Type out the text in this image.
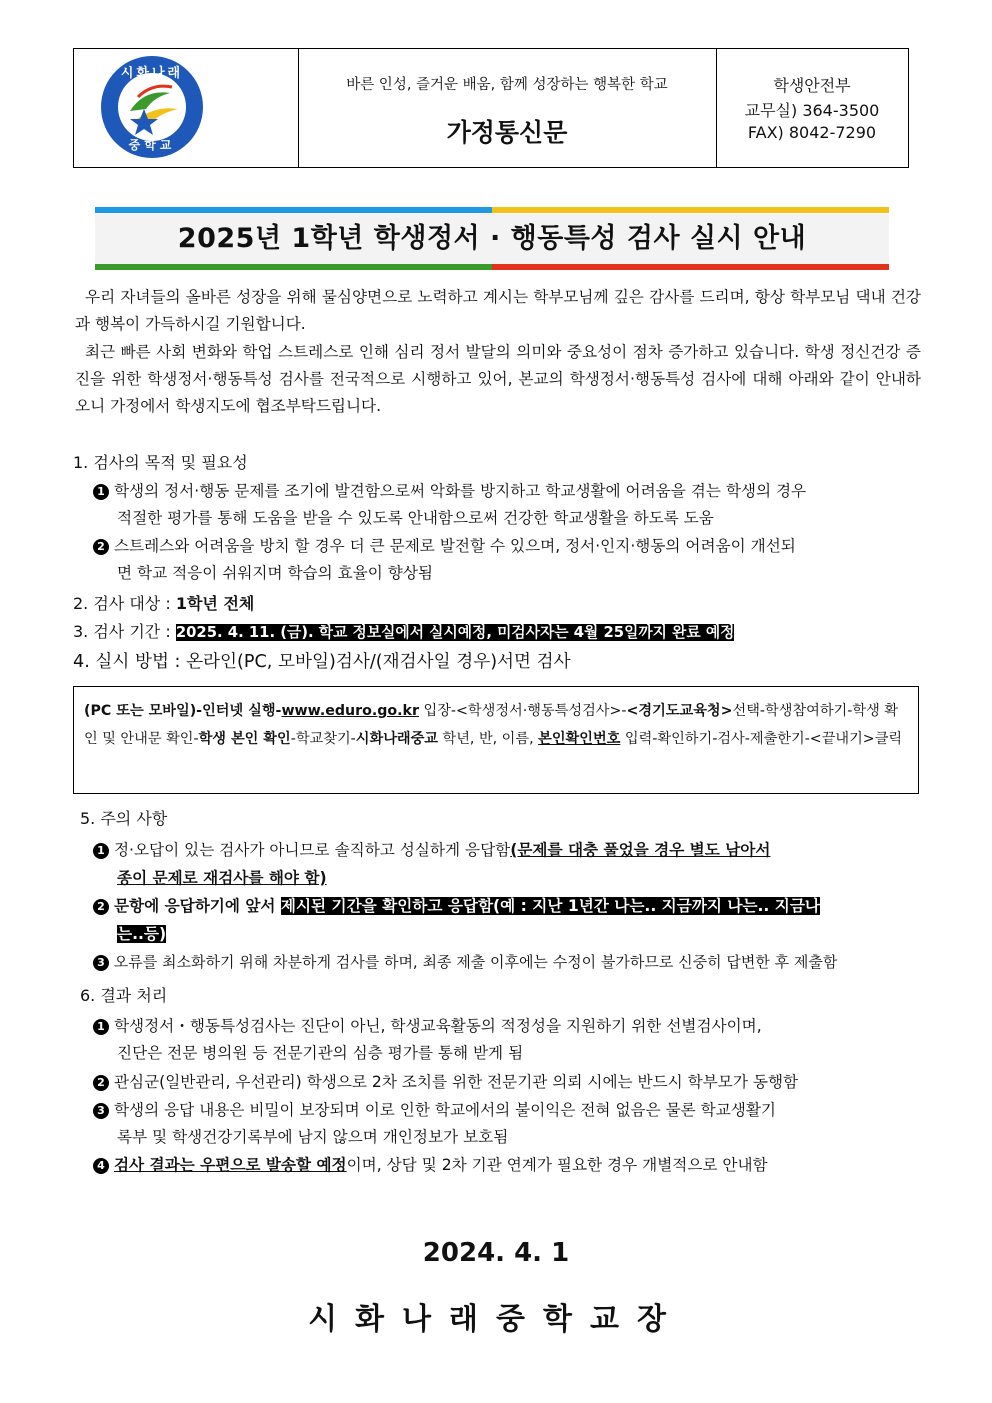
시화나래
중학교
바른 인성, 즐거운 배움, 함께 성장하는 행복한 학교
가정통신문
학생안전부
교무실) 364-3500
FAX) 8042-7290
2025년 1학년 학생정서 · 행동특성 검사 실시 안내

우리 자녀들의 올바른 성장을 위해 물심양면으로 노력하고 계시는 학부모님께 깊은 감사를 드리며, 항상 학부모님 댁내 건강과 행복이 가득하시길 기원합니다.

최근 빠른 사회 변화와 학업 스트레스로 인해 심리 정서 발달의 의미와 중요성이 점차 증가하고 있습니다. 학생 정신건강 증진을 위한 학생정서·행동특성 검사를 전국적으로 시행하고 있어, 본교의 학생정서·행동특성 검사에 대해 아래와 같이 안내하오니 가정에서 학생지도에 협조부탁드립니다.

1. 검사의 목적 및 필요성
1 학생의 정서·행동 문제를 조기에 발견함으로써 악화를 방지하고 학교생활에 어려움을 겪는 학생의 경우
적절한 평가를 통해 도움을 받을 수 있도록 안내함으로써 건강한 학교생활을 하도록 도움
2 스트레스와 어려움을 방치 할 경우 더 큰 문제로 발전할 수 있으며, 정서·인지·행동의 어려움이 개선되
면 학교 적응이 쉬워지며 학습의 효율이 향상됨
2. 검사 대상 : 1학년 전체
3. 검사 기간 : 2025. 4. 11. (금). 학교 정보실에서 실시예정, 미검사자는 4월 25일까지 완료 예정
4. 실시 방법 : 온라인(PC, 모바일)검사/(재검사일 경우)서면 검사
(PC 또는 모바일)-인터넷 실행-www.eduro.go.kr 입장-<학생정서·행동특성검사>-<경기도교육청>선택-학생참여하기-학생 확인 및 안내문 확인-학생 본인 확인-학교찾기-시화나래중교 학년, 반, 이름, 본인확인번호 입력-확인하기-검사-제출한기-<끝내기>클릭
5. 주의 사항
1 정·오답이 있는 검사가 아니므로 솔직하고 성실하게 응답함(문제를 대충 풀었을 경우 별도 남아서
종이 문제로 재검사를 해야 함)
2 문항에 응답하기에 앞서 제시된 기간을 확인하고 응답함(예 : 지난 1년간 나는.. 지금까지 나는.. 지금나
는..등)
3 오류를 최소화하기 위해 차분하게 검사를 하며, 최종 제출 이후에는 수정이 불가하므로 신중히 답변한 후 제출함
6. 결과 처리
1 학생정서・행동특성검사는 진단이 아닌, 학생교육활동의 적정성을 지원하기 위한 선별검사이며,
진단은 전문 병의원 등 전문기관의 심층 평가를 통해 받게 됨
2 관심군(일반관리, 우선관리) 학생으로 2차 조치를 위한 전문기관 의뢰 시에는 반드시 학부모가 동행함
3 학생의 응답 내용은 비밀이 보장되며 이로 인한 학교에서의 불이익은 전혀 없음은 물론 학교생활기
록부 및 학생건강기록부에 남지 않으며 개인정보가 보호됨
4 검사 결과는 우편으로 발송할 예정이며, 상담 및 2차 기관 연계가 필요한 경우 개별적으로 안내함
2024. 4. 1
시화나래중학교장
